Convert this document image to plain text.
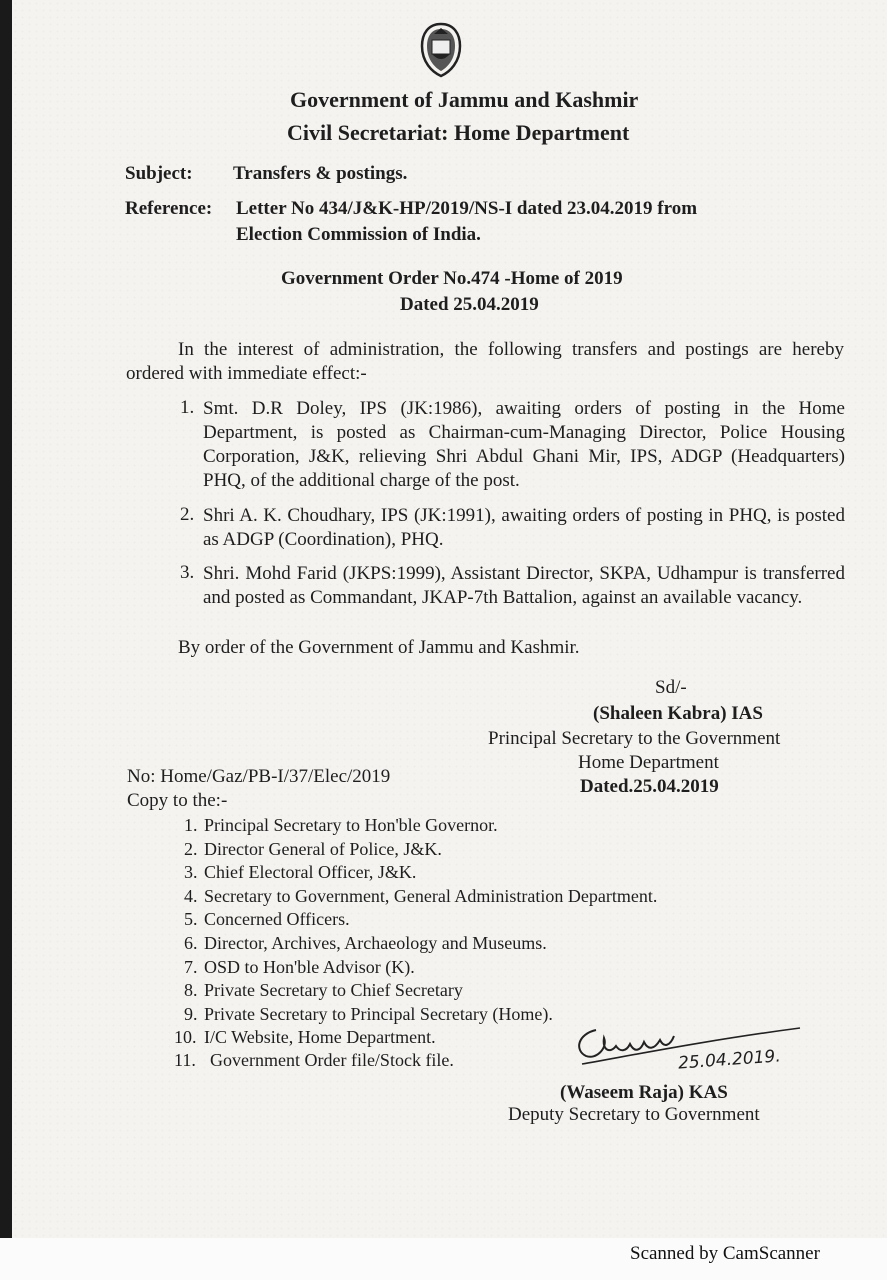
Government of Jammu and Kashmir
Civil Secretariat: Home Department
Subject: Transfers & postings.
Reference: Letter No 434/J&K-HP/2019/NS-I dated 23.04.2019 from
Election Commission of India.
Government Order No.474 -Home of 2019
Dated 25.04.2019

In the interest of administration, the following transfers and postings are hereby ordered with immediate effect:-

1. Smt. D.R Doley, IPS (JK:1986), awaiting orders of posting in the Home Department, is posted as Chairman-cum-Managing Director, Police Housing Corporation, J&K, relieving Shri Abdul Ghani Mir, IPS, ADGP (Headquarters) PHQ, of the additional charge of the post.

2. Shri A. K. Choudhary, IPS (JK:1991), awaiting orders of posting in PHQ, is posted as ADGP (Coordination), PHQ.

3. Shri. Mohd Farid (JKPS:1999), Assistant Director, SKPA, Udhampur is transferred and posted as Commandant, JKAP-7th Battalion, against an available vacancy.

By order of the Government of Jammu and Kashmir.
Sd/-
(Shaleen Kabra) IAS
Principal Secretary to the Government
Home Department
Dated.25.04.2019
No: Home/Gaz/PB-I/37/Elec/2019
Copy to the:-
1. Principal Secretary to Hon'ble Governor.
2. Director General of Police, J&K.
3. Chief Electoral Officer, J&K.
4. Secretary to Government, General Administration Department.
5. Concerned Officers.
6. Director, Archives, Archaeology and Museums.
7. OSD to Hon'ble Advisor (K).
8. Private Secretary to Chief Secretary
9. Private Secretary to Principal Secretary (Home).
10. I/C Website, Home Department.
11. Government Order file/Stock file.	25.04.2019.
(Waseem Raja) KAS
Deputy Secretary to Government
Scanned by CamScanner
